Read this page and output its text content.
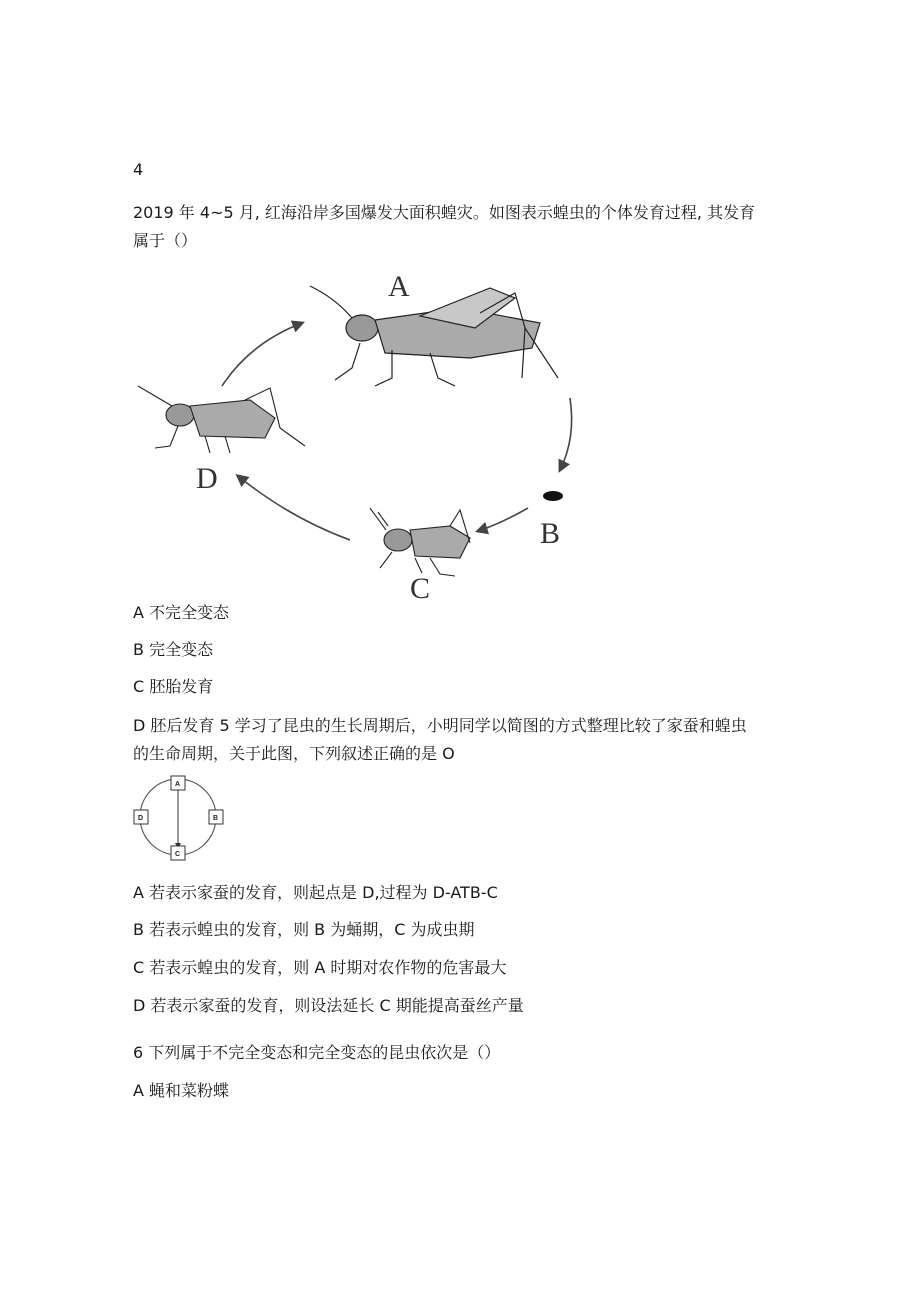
4
2019 年 4~5 月, 红海沿岸多国爆发大面积蝗灾。如图表示蝗虫的个体发育过程, 其发育
属于（）
A
B
C
D
A 不完全变态
B 完全变态
C 胚胎发育
D 胚后发育 5 学习了昆虫的生长周期后，小明同学以简图的方式整理比较了家蚕和蝗虫
的生命周期，关于此图，下列叙述正确的是 O
A
B
C
D
A 若表示家蚕的发育，则起点是 D,过程为 D-ATB-C
B 若表示蝗虫的发育，则 B 为蛹期，C 为成虫期
C 若表示蝗虫的发育，则 A 时期对农作物的危害最大
D 若表示家蚕的发育，则设法延长 C 期能提高蚕丝产量
6 下列属于不完全变态和完全变态的昆虫依次是（）
A 蝇和菜粉蝶
